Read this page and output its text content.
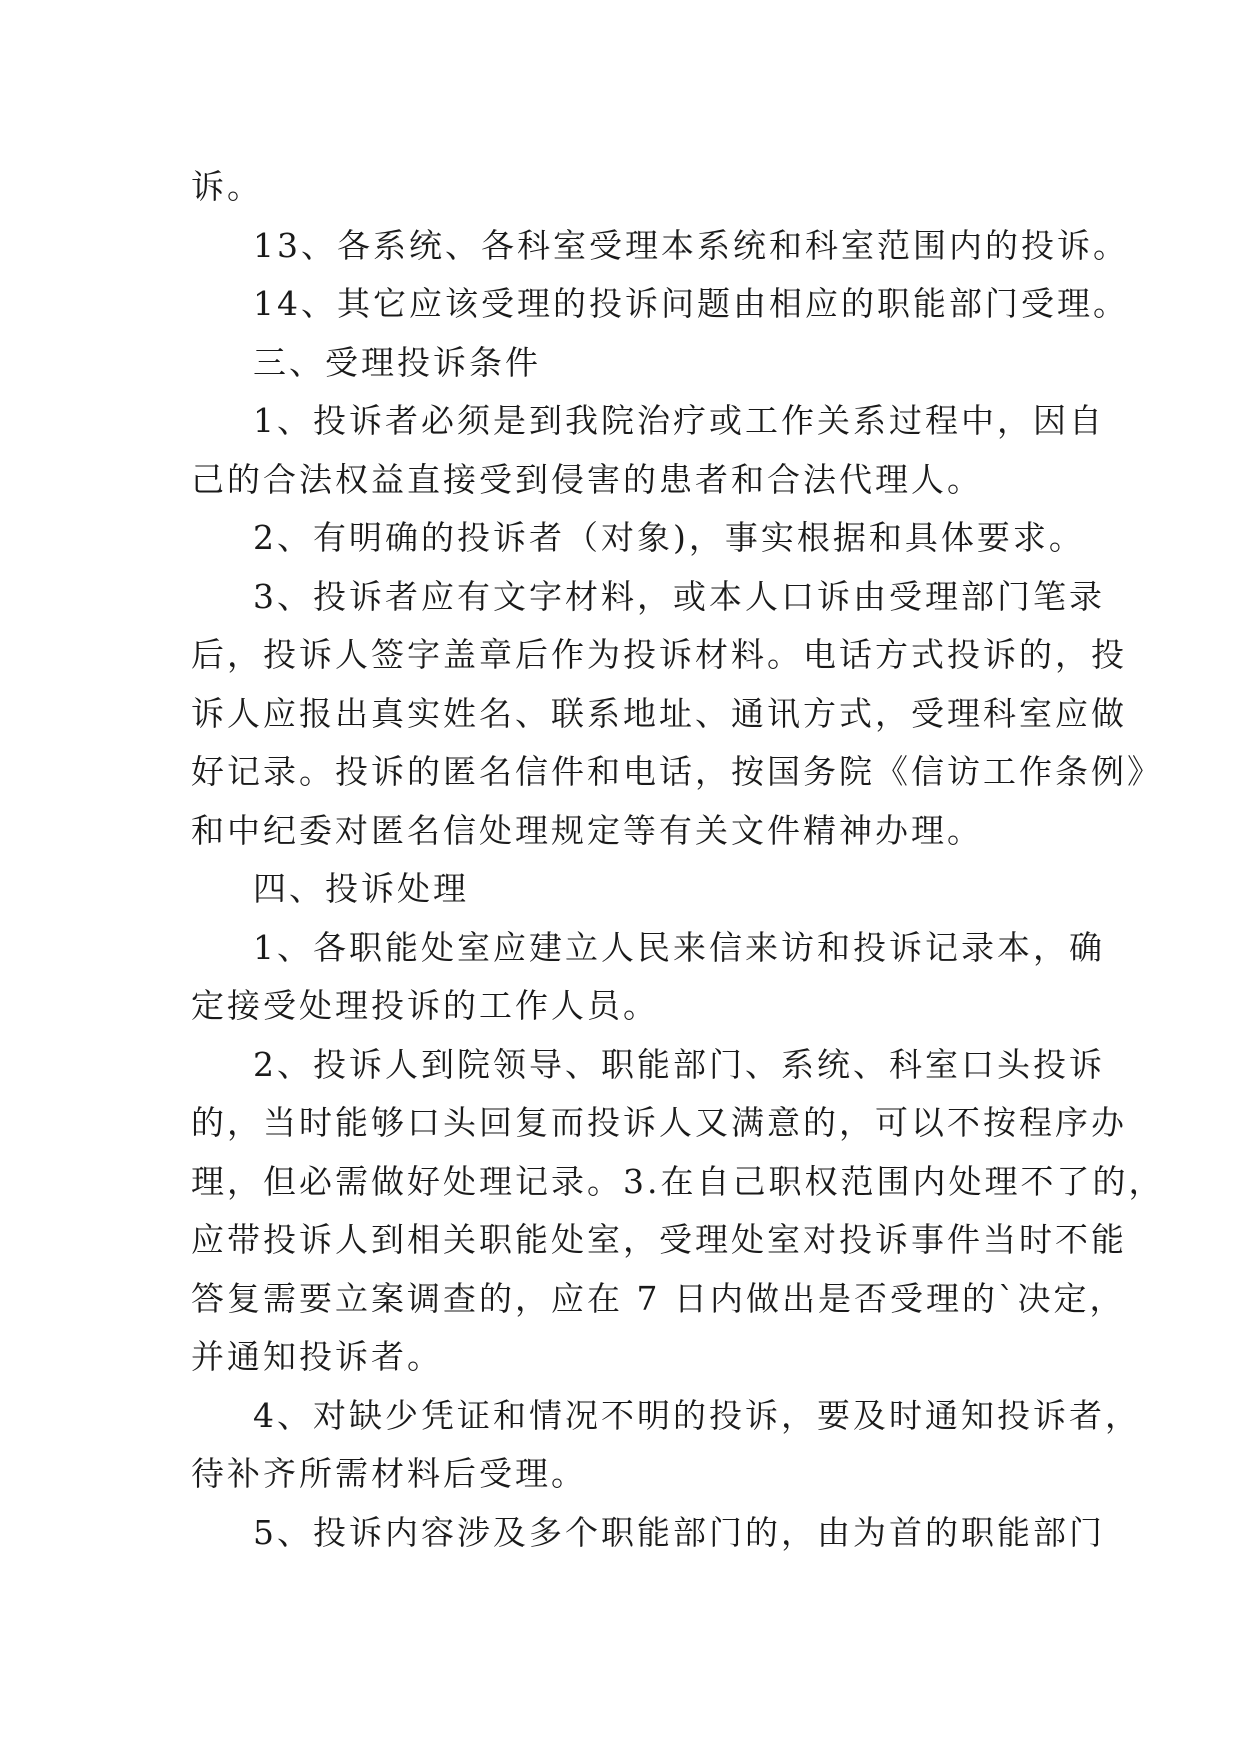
诉。
13、各系统、各科室受理本系统和科室范围内的投诉。
14、其它应该受理的投诉问题由相应的职能部门受理。
三、受理投诉条件
1、投诉者必须是到我院治疗或工作关系过程中，因自
己的合法权益直接受到侵害的患者和合法代理人。
2、有明确的投诉者（对象)，事实根据和具体要求。
3、投诉者应有文字材料，或本人口诉由受理部门笔录
后，投诉人签字盖章后作为投诉材料。电话方式投诉的，投
诉人应报出真实姓名、联系地址、通讯方式，受理科室应做
好记录。投诉的匿名信件和电话，按国务院《信访工作条例》
和中纪委对匿名信处理规定等有关文件精神办理。
四、投诉处理
1、各职能处室应建立人民来信来访和投诉记录本，确
定接受处理投诉的工作人员。
2、投诉人到院领导、职能部门、系统、科室口头投诉
的，当时能够口头回复而投诉人又满意的，可以不按程序办
理，但必需做好处理记录。3.在自己职权范围内处理不了的，
应带投诉人到相关职能处室，受理处室对投诉事件当时不能
答复需要立案调查的，应在 7 日内做出是否受理的`决定，
并通知投诉者。
4、对缺少凭证和情况不明的投诉，要及时通知投诉者，
待补齐所需材料后受理。
5、投诉内容涉及多个职能部门的，由为首的职能部门
